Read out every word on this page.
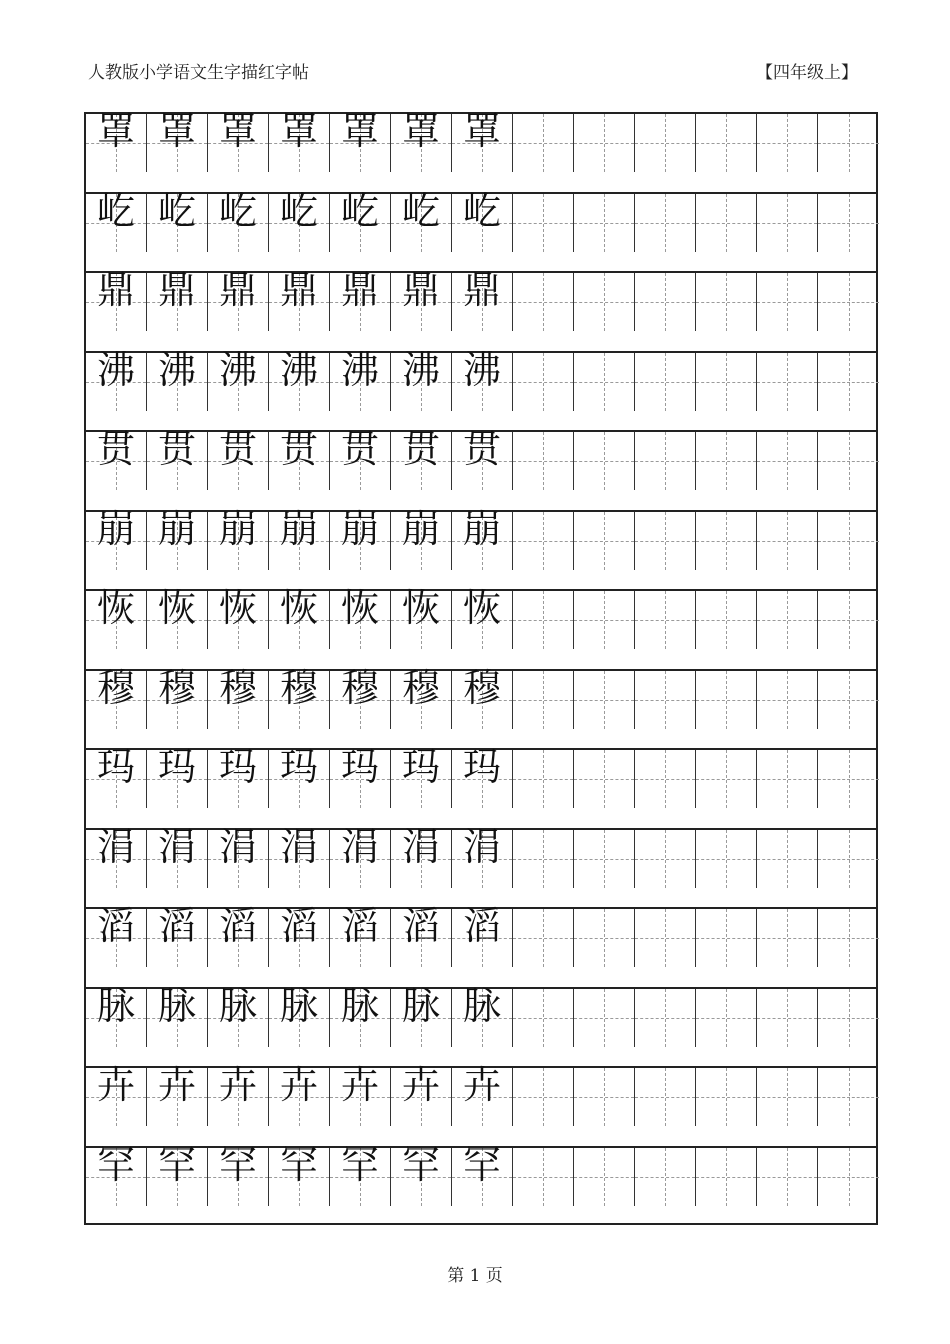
人教版小学语文生字描红字帖	【四年级上】
罩 罩 罩 罩 罩 罩 罩
屹 屹 屹 屹 屹 屹 屹
鼎 鼎 鼎 鼎 鼎 鼎 鼎
沸 沸 沸 沸 沸 沸 沸
贯 贯 贯 贯 贯 贯 贯
崩 崩 崩 崩 崩 崩 崩
恢 恢 恢 恢 恢 恢 恢
穆 穆 穆 穆 穆 穆 穆
玛 玛 玛 玛 玛 玛 玛
涓 涓 涓 涓 涓 涓 涓
滔 滔 滔 滔 滔 滔 滔
脉 脉 脉 脉 脉 脉 脉
卉 卉 卉 卉 卉 卉 卉
罕 罕 罕 罕 罕 罕 罕
第 1 页
